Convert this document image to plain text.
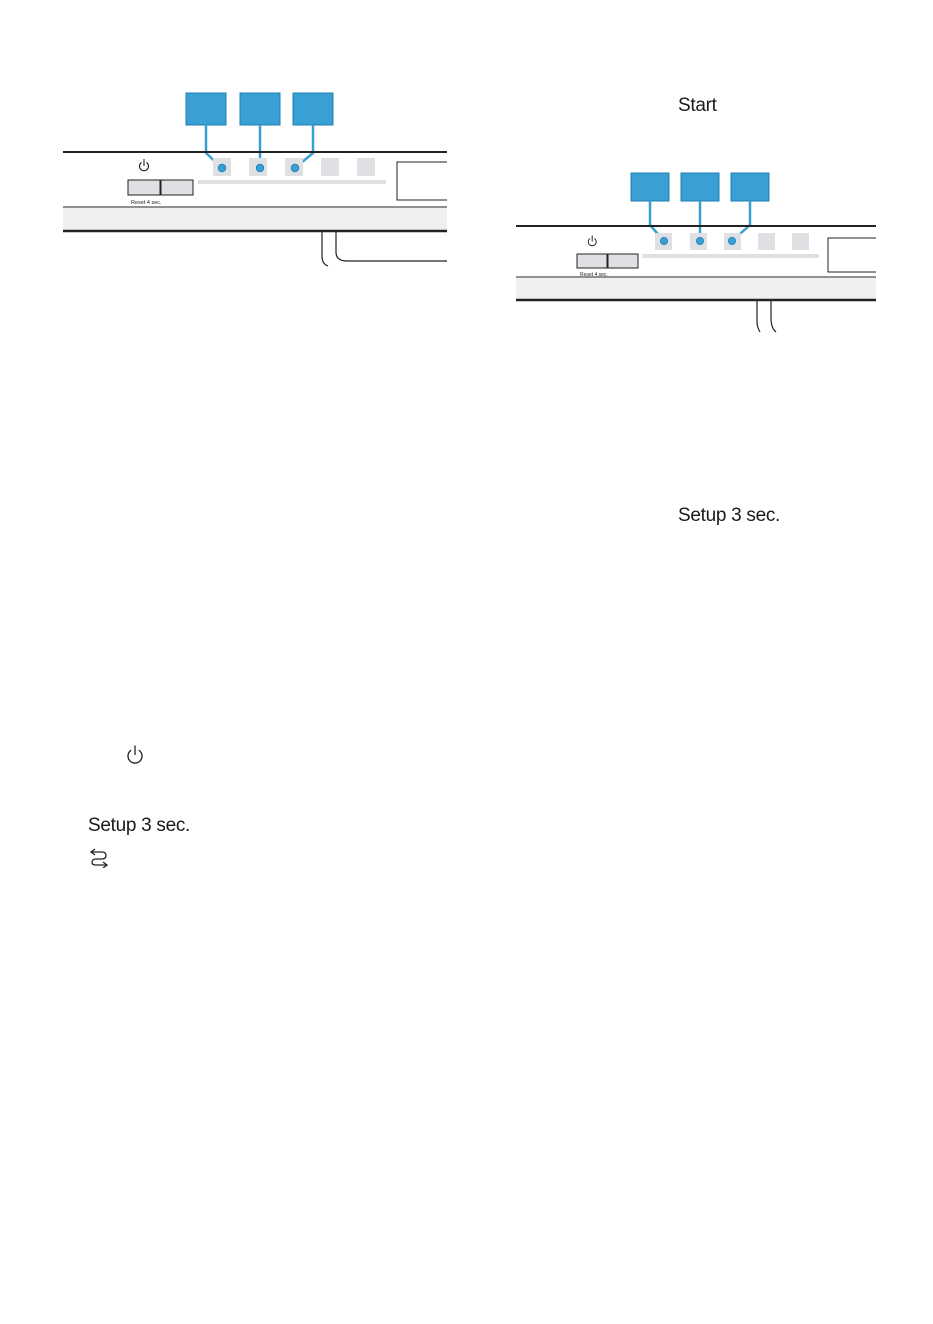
Reset 4 sec.
Reset 4 sec.
Start
Setup 3 sec.
Setup 3 sec.
